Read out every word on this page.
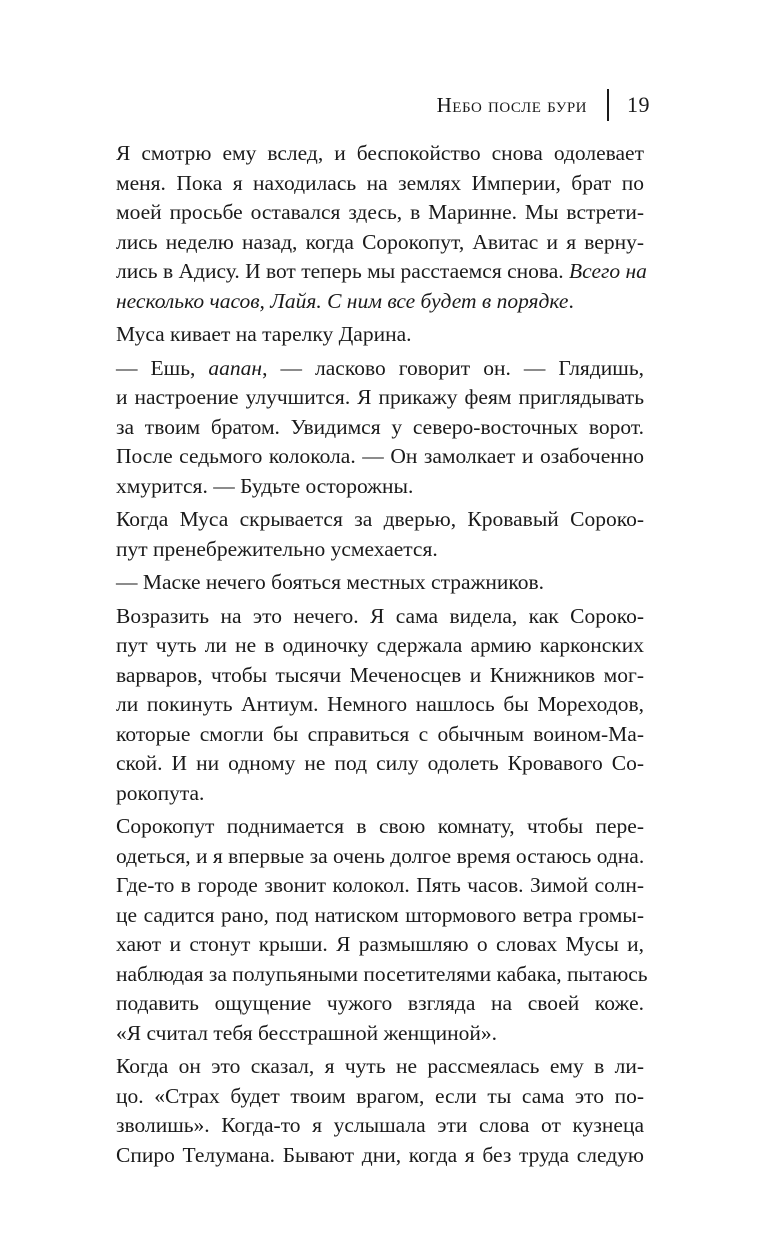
Небо после бури 19
Я смотрю ему вслед, и беспокойство снова одолевает
меня. Пока я находилась на землях Империи, брат по
моей просьбе оставался здесь, в Маринне. Мы встрети-
лись неделю назад, когда Сорокопут, Авитас и я верну-
лись в Адису. И вот теперь мы расстаемся снова. Всего на
несколько часов, Лайя. С ним все будет в порядке.
Муса кивает на тарелку Дарина.
— Ешь, аапан, — ласково говорит он. — Глядишь,
и настроение улучшится. Я прикажу феям приглядывать
за твоим братом. Увидимся у северо-восточных ворот.
После седьмого колокола. — Он замолкает и озабоченно
хмурится. — Будьте осторожны.
Когда Муса скрывается за дверью, Кровавый Сороко-
пут пренебрежительно усмехается.
— Маске нечего бояться местных стражников.
Возразить на это нечего. Я сама видела, как Сороко-
пут чуть ли не в одиночку сдержала армию карконских
варваров, чтобы тысячи Меченосцев и Книжников мог-
ли покинуть Антиум. Немного нашлось бы Мореходов,
которые смогли бы справиться с обычным воином-Ма-
ской. И ни одному не под силу одолеть Кровавого Со-
рокопута.
Сорокопут поднимается в свою комнату, чтобы пере-
одеться, и я впервые за очень долгое время остаюсь одна.
Где-то в городе звонит колокол. Пять часов. Зимой солн-
це садится рано, под натиском штормового ветра громы-
хают и стонут крыши. Я размышляю о словах Мусы и,
наблюдая за полупьяными посетителями кабака, пытаюсь
подавить ощущение чужого взгляда на своей коже.
«Я считал тебя бесстрашной женщиной».
Когда он это сказал, я чуть не рассмеялась ему в ли-
цо. «Страх будет твоим врагом, если ты сама это по-
зволишь». Когда-то я услышала эти слова от кузнеца
Спиро Телумана. Бывают дни, когда я без труда следую
